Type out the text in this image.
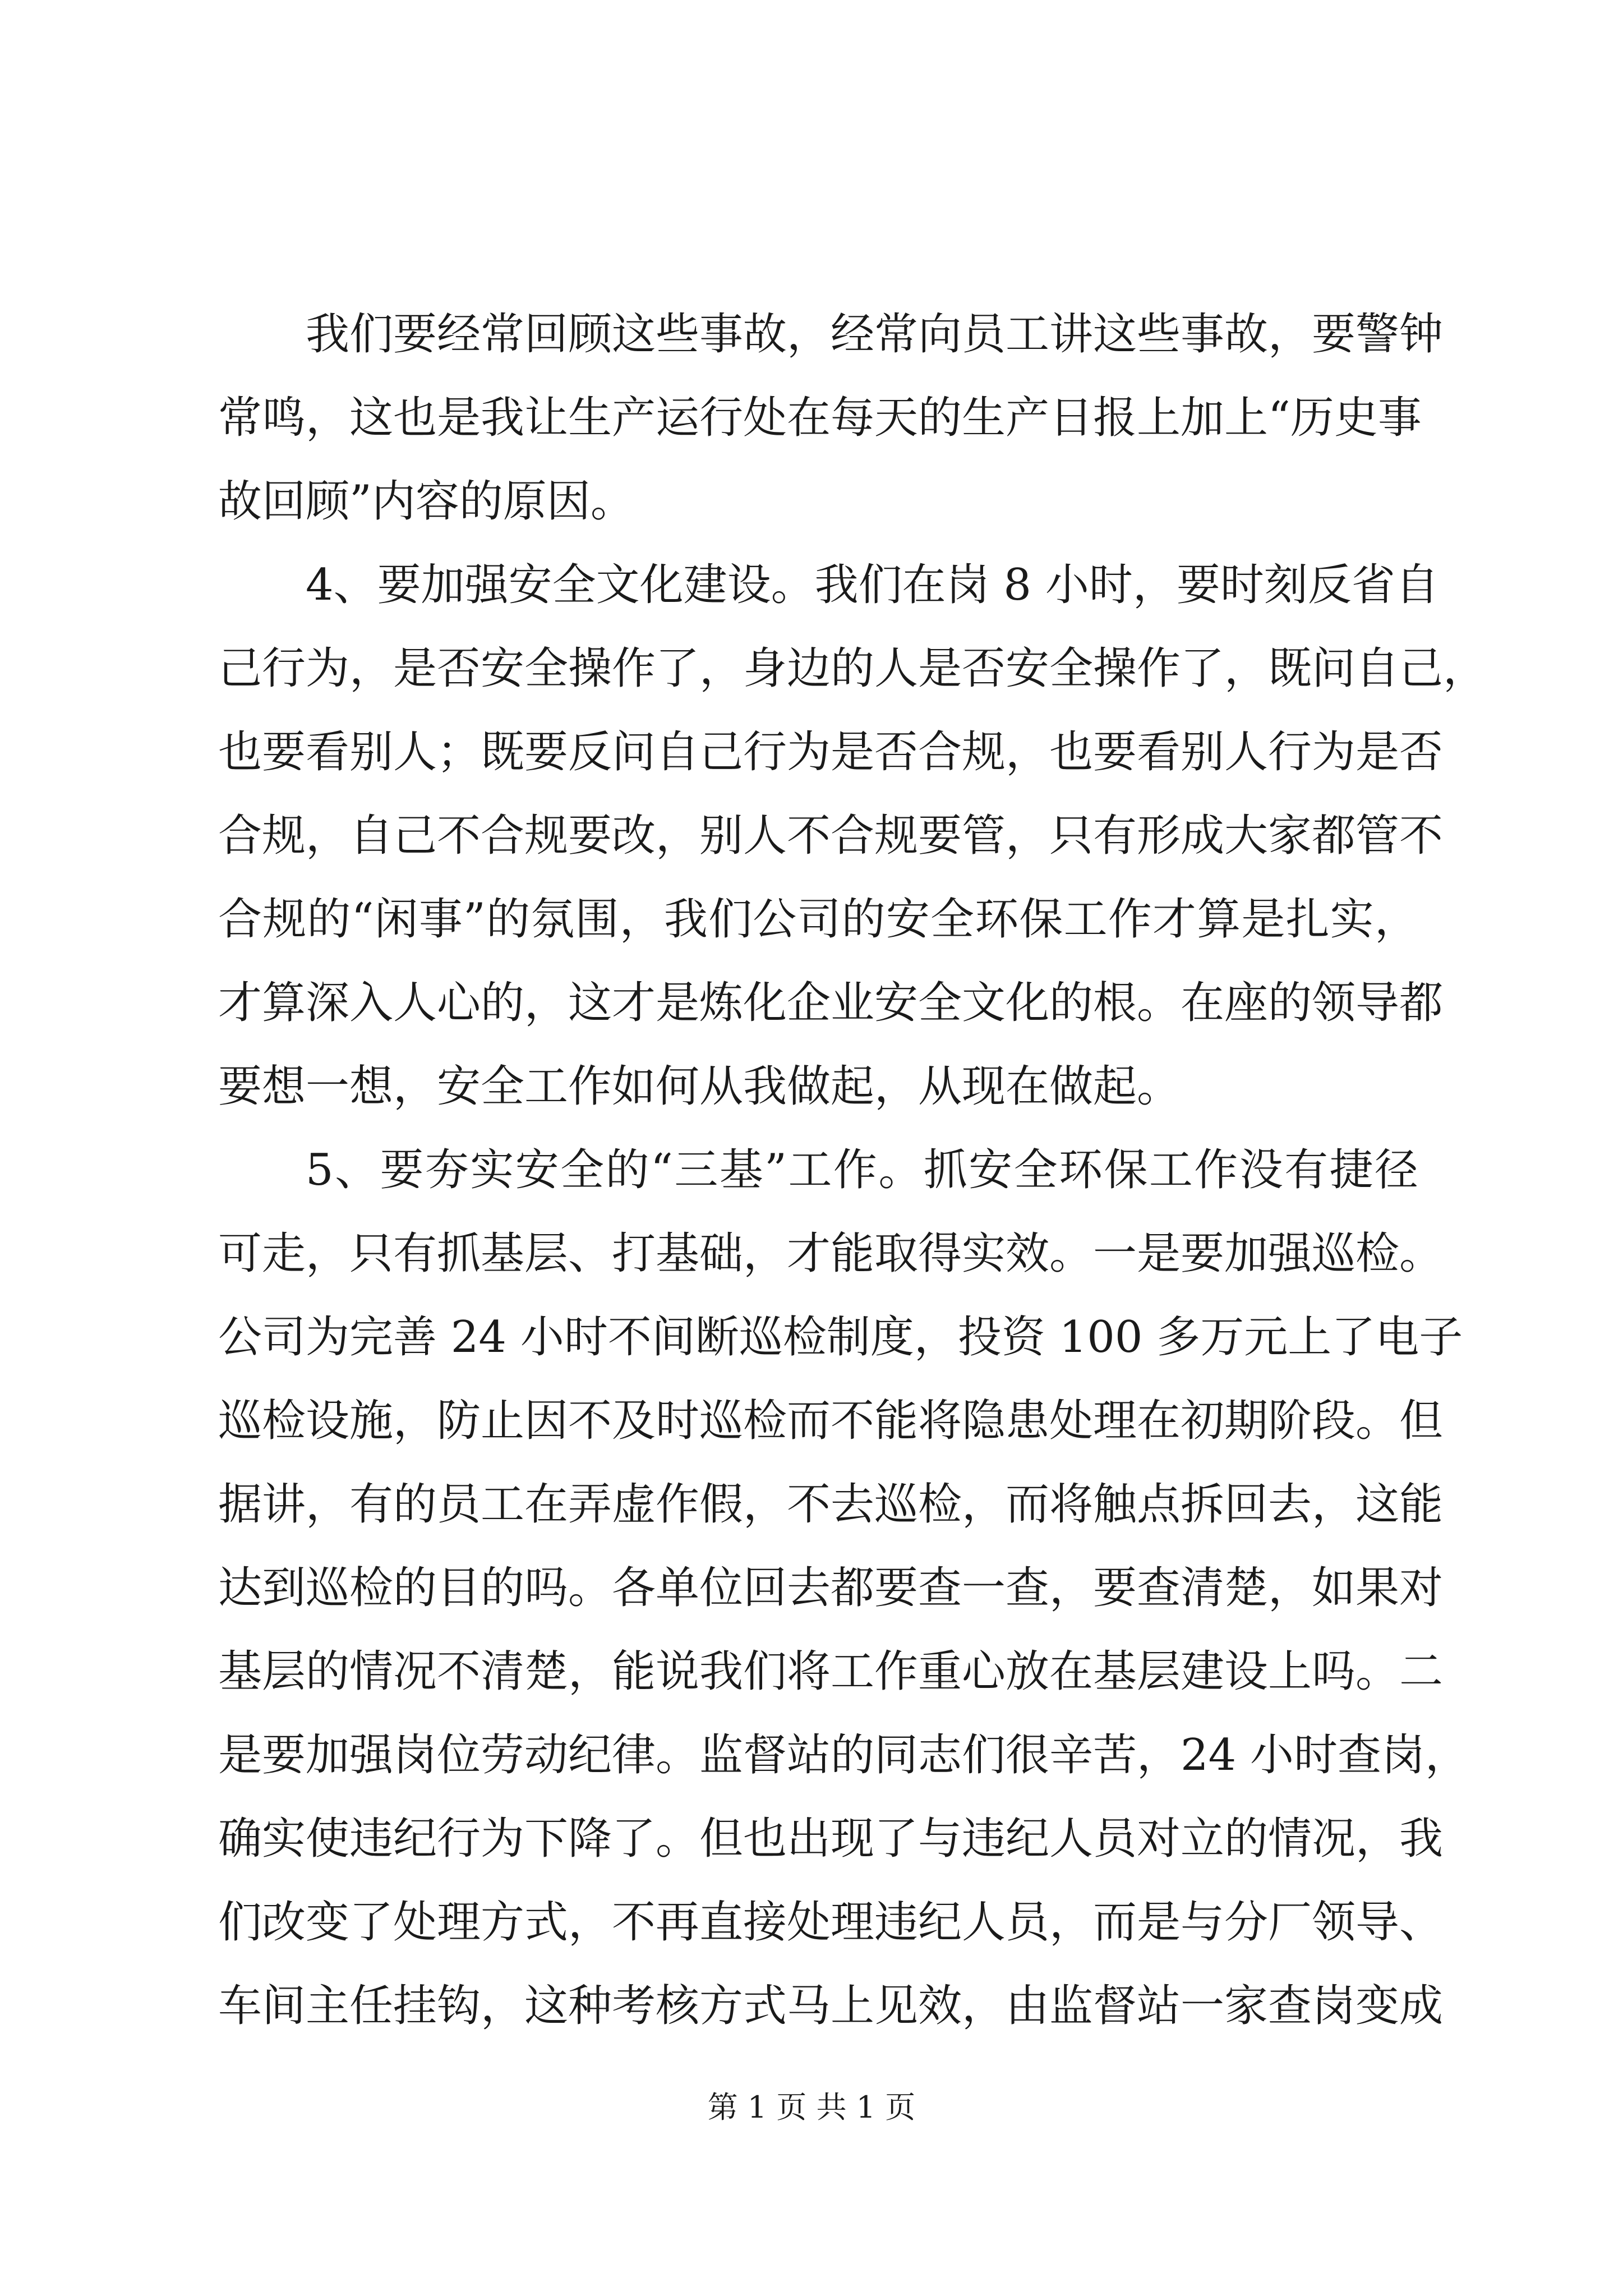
我们要经常回顾这些事故，经常向员工讲这些事故，要警钟

常鸣，这也是我让生产运行处在每天的生产日报上加上“历史事

故回顾”内容的原因。

4、要加强安全文化建设。我们在岗 8 小时，要时刻反省自

己行为，是否安全操作了，身边的人是否安全操作了，既问自己，

也要看别人；既要反问自己行为是否合规，也要看别人行为是否

合规，自己不合规要改，别人不合规要管，只有形成大家都管不

合规的“闲事”的氛围，我们公司的安全环保工作才算是扎实，

才算深入人心的，这才是炼化企业安全文化的根。在座的领导都

要想一想，安全工作如何从我做起，从现在做起。

5、要夯实安全的“三基”工作。抓安全环保工作没有捷径

可走，只有抓基层、打基础，才能取得实效。一是要加强巡检。

公司为完善 24 小时不间断巡检制度，投资 100 多万元上了电子

巡检设施，防止因不及时巡检而不能将隐患处理在初期阶段。但

据讲，有的员工在弄虚作假，不去巡检，而将触点拆回去，这能

达到巡检的目的吗。各单位回去都要查一查，要查清楚，如果对

基层的情况不清楚，能说我们将工作重心放在基层建设上吗。二

是要加强岗位劳动纪律。监督站的同志们很辛苦，24 小时查岗，

确实使违纪行为下降了。但也出现了与违纪人员对立的情况，我

们改变了处理方式，不再直接处理违纪人员，而是与分厂领导、

车间主任挂钩，这种考核方式马上见效，由监督站一家查岗变成

第 1 页 共 1 页
